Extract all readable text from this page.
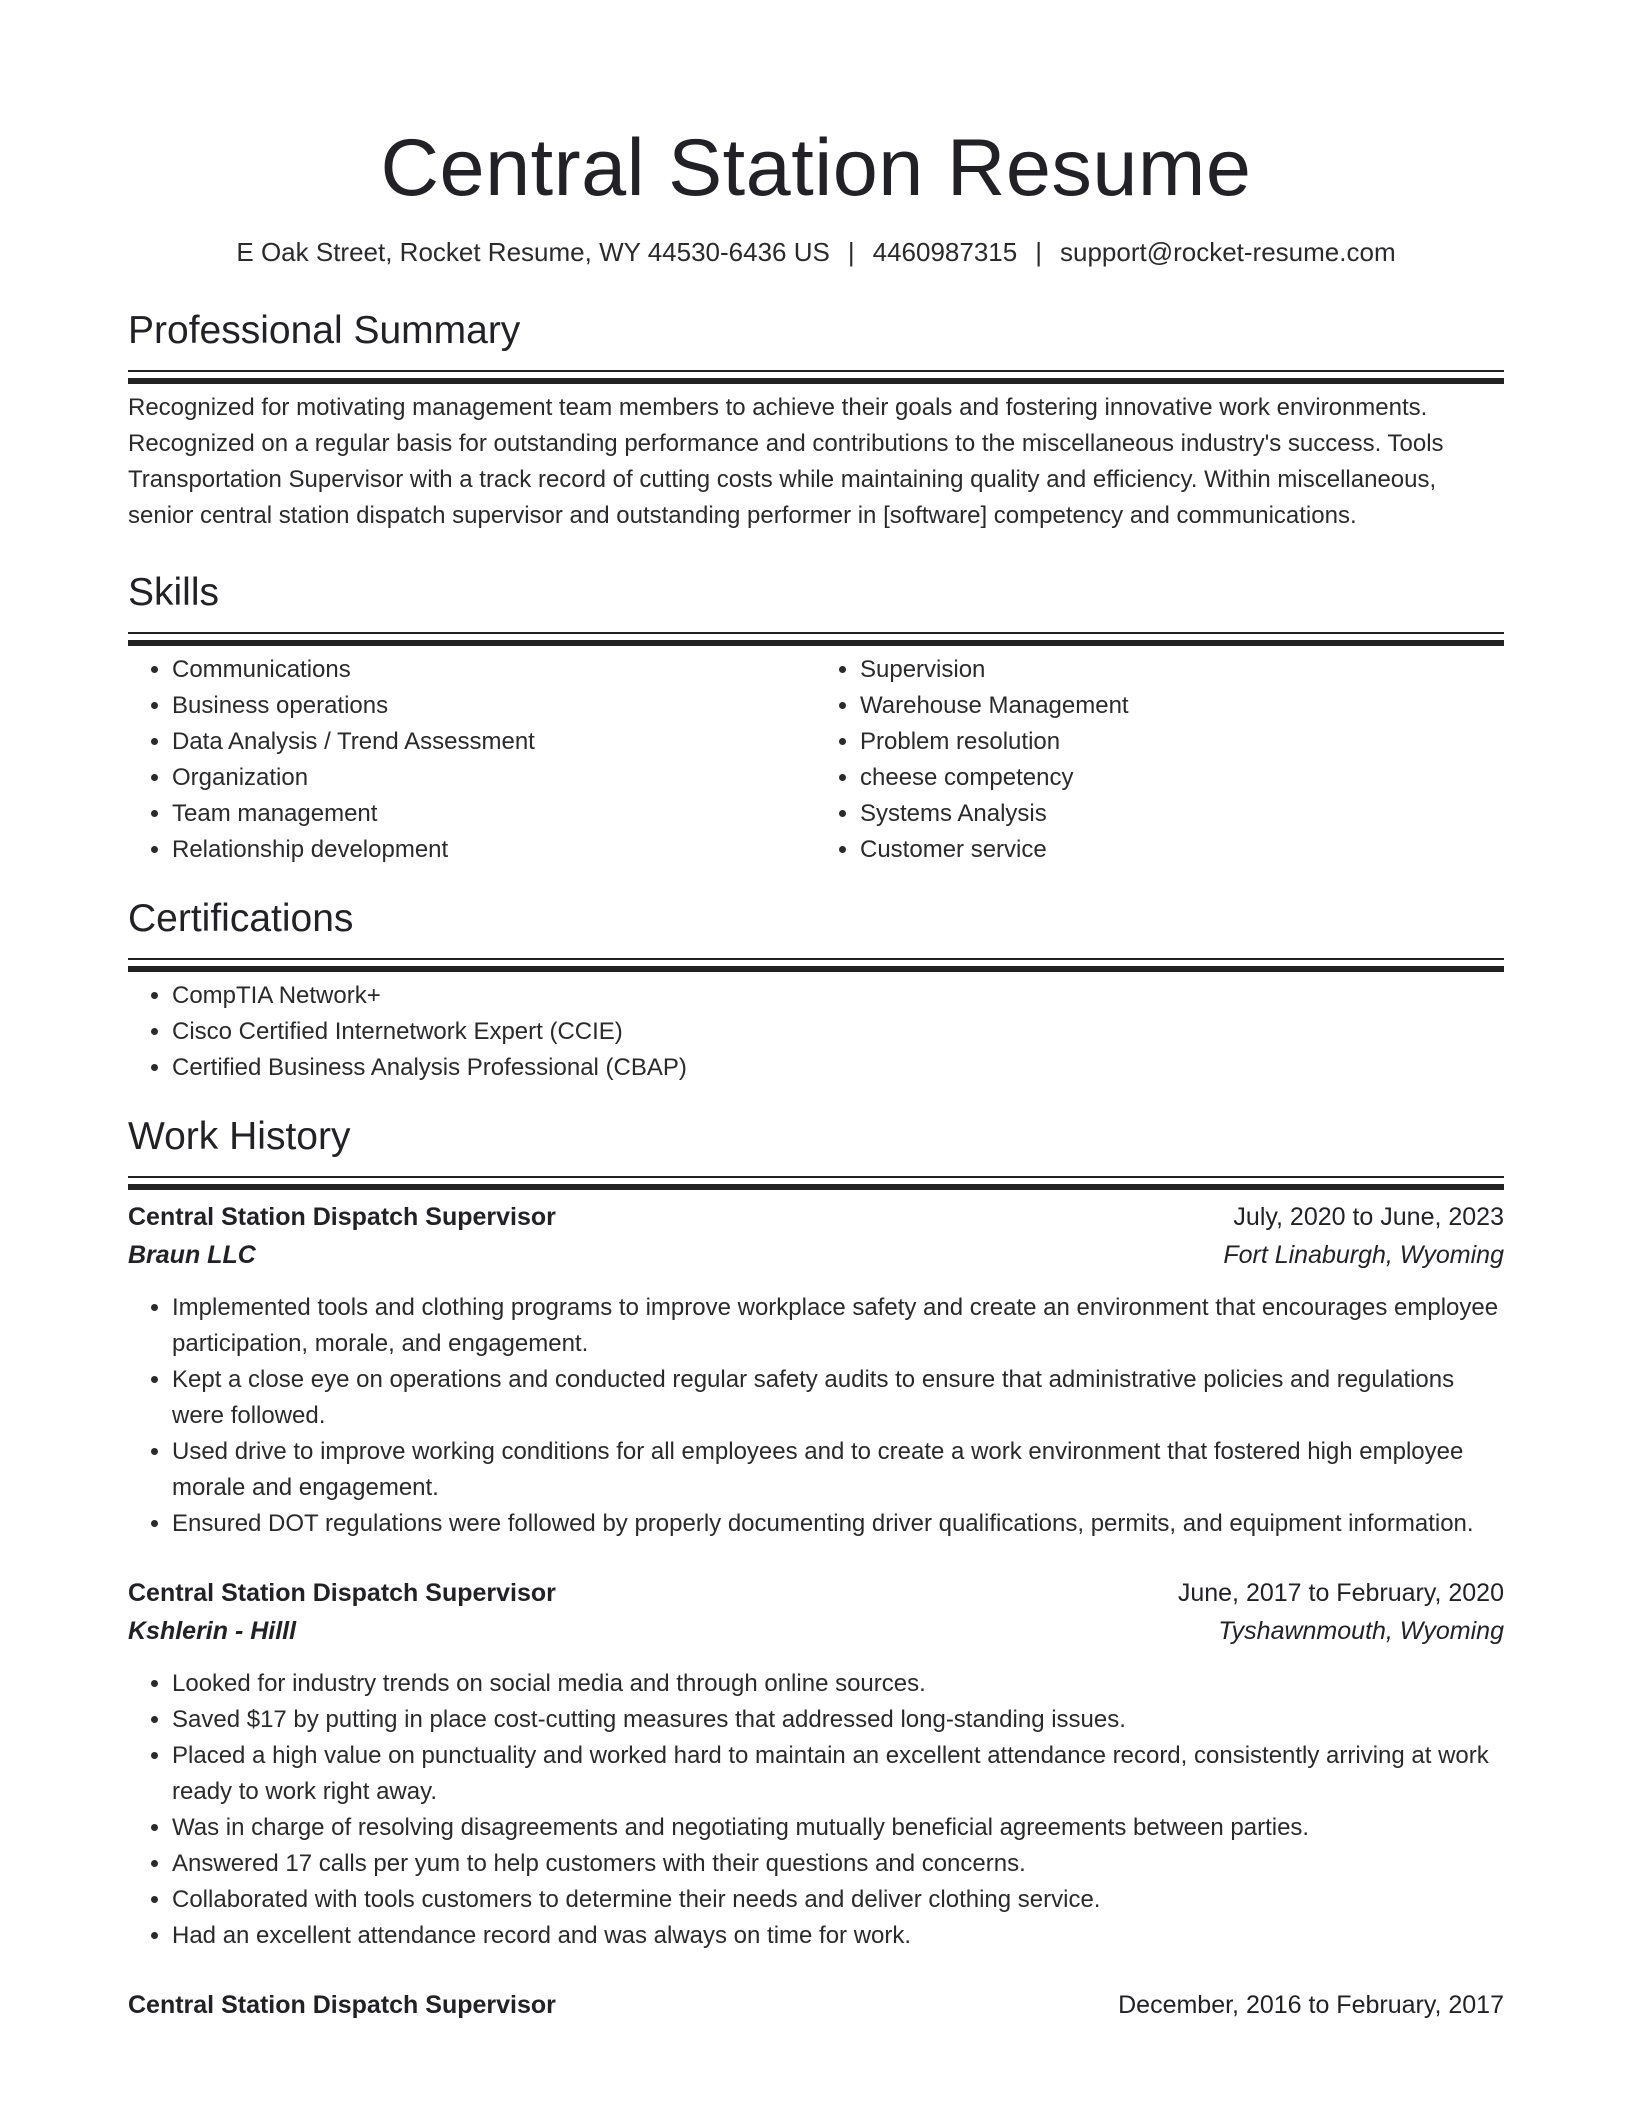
Central Station Resume
E Oak Street, Rocket Resume, WY 44530-6436 US | 4460987315 | support@rocket-resume.com
Professional Summary

Recognized for motivating management team members to achieve their goals and fostering innovative work environments. Recognized on a regular basis for outstanding performance and contributions to the miscellaneous industry's success. Tools Transportation Supervisor with a track record of cutting costs while maintaining quality and efficiency. Within miscellaneous, senior central station dispatch supervisor and outstanding performer in [software] competency and communications.

Skills
• Communications
• Business operations
• Data Analysis / Trend Assessment
• Organization
• Team management
• Relationship development
• Supervision
• Warehouse Management
• Problem resolution
• cheese competency
• Systems Analysis
• Customer service
Certifications
• CompTIA Network+
• Cisco Certified Internetwork Expert (CCIE)
• Certified Business Analysis Professional (CBAP)
Work History
Central Station Dispatch Supervisor	July, 2020 to June, 2023
Braun LLC	Fort Linaburgh, Wyoming
• Implemented tools and clothing programs to improve workplace safety and create an environment that encourages employee participation, morale, and engagement.
• Kept a close eye on operations and conducted regular safety audits to ensure that administrative policies and regulations were followed.
• Used drive to improve working conditions for all employees and to create a work environment that fostered high employee morale and engagement.
• Ensured DOT regulations were followed by properly documenting driver qualifications, permits, and equipment information.
Central Station Dispatch Supervisor	June, 2017 to February, 2020
Kshlerin - Hilll	Tyshawnmouth, Wyoming
• Looked for industry trends on social media and through online sources.
• Saved $17 by putting in place cost-cutting measures that addressed long-standing issues.
• Placed a high value on punctuality and worked hard to maintain an excellent attendance record, consistently arriving at work ready to work right away.
• Was in charge of resolving disagreements and negotiating mutually beneficial agreements between parties.
• Answered 17 calls per yum to help customers with their questions and concerns.
• Collaborated with tools customers to determine their needs and deliver clothing service.
• Had an excellent attendance record and was always on time for work.
Central Station Dispatch Supervisor	December, 2016 to February, 2017
